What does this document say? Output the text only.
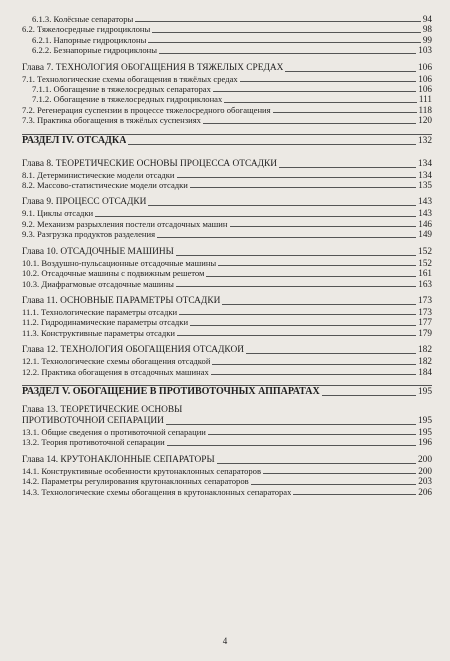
6.1.3. Колёсные сепараторы	94
6.2. Тяжелосредные гидроциклоны	98
6.2.1. Напорные гидроциклоны	99
6.2.2. Безнапорные гидроциклоны	103
Глава 7. ТЕХНОЛОГИЯ ОБОГАЩЕНИЯ В ТЯЖЁЛЫХ СРЕДАХ	106
7.1. Технологические схемы обогащения в тяжёлых средах	106
7.1.1. Обогащение в тяжелосредных сепараторах	106
7.1.2. Обогащение в тяжелосредных гидроциклонах	111
7.2. Регенерация суспензии в процессе тяжелосредного обогащения	118
7.3. Практика обогащения в тяжёлых суспензиях	120
РАЗДЕЛ IV. ОТСАДКА	132
Глава 8. ТЕОРЕТИЧЕСКИЕ ОСНОВЫ ПРОЦЕССА ОТСАДКИ	134
8.1. Детерминистические модели отсадки	134
8.2. Массово-статистические модели отсадки	135
Глава 9. ПРОЦЕСС ОТСАДКИ	143
9.1. Циклы отсадки	143
9.2. Механизм разрыхления постели отсадочных машин	146
9.3. Разгрузка продуктов разделения	149
Глава 10. ОТСАДОЧНЫЕ МАШИНЫ	152
10.1. Воздушно-пульсационные отсадочные машины	152
10.2. Отсадочные машины с подвижным решетом	161
10.3. Диафрагмовые отсадочные машины	163
Глава 11. ОСНОВНЫЕ ПАРАМЕТРЫ ОТСАДКИ	173
11.1. Технологические параметры отсадки	173
11.2. Гидродинамические параметры отсадки	177
11.3. Конструктивные параметры отсадки	179
Глава 12. ТЕХНОЛОГИЯ ОБОГАЩЕНИЯ ОТСАДКОЙ	182
12.1. Технологические схемы обогащения отсадкой	182
12.2. Практика обогащения в отсадочных машинах	184
РАЗДЕЛ V. ОБОГАЩЕНИЕ В ПРОТИВОТОЧНЫХ АППАРАТАХ	195
Глава 13. ТЕОРЕТИЧЕСКИЕ ОСНОВЫ
ПРОТИВОТОЧНОЙ СЕПАРАЦИИ	195
13.1. Общие сведения о противоточной сепарации	195
13.2. Теория противоточной сепарации	196
Глава 14. КРУТОНАКЛОННЫЕ СЕПАРАТОРЫ	200
14.1. Конструктивные особенности крутонаклонных сепараторов	200
14.2. Параметры регулирования крутонаклонных сепараторов	203
14.3. Технологические схемы обогащения в крутонаклонных сепараторах	206
4
